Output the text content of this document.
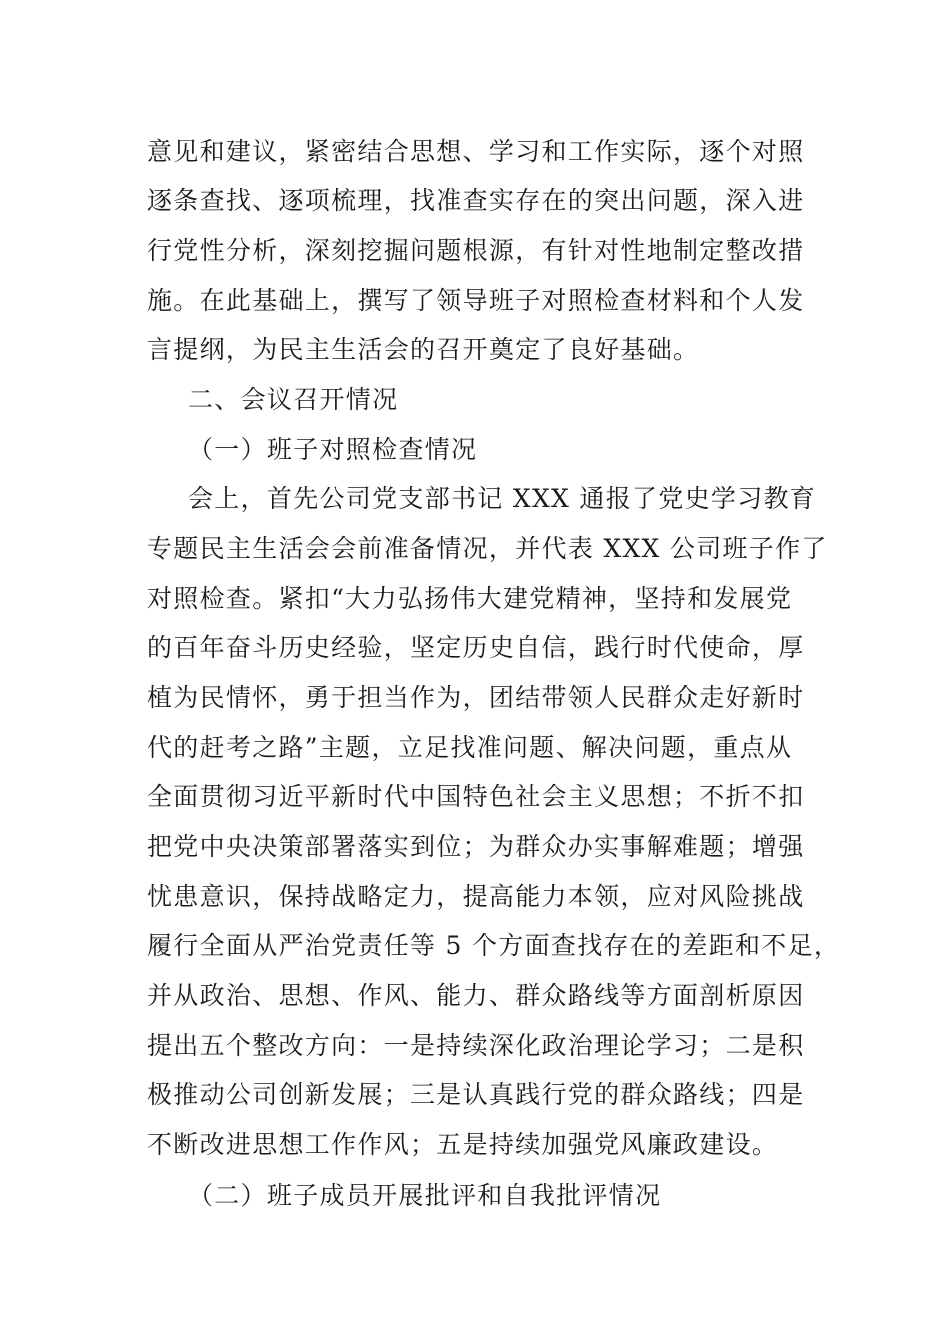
意见和建议，紧密结合思想、学习和工作实际，逐个对照
逐条查找、逐项梳理，找准查实存在的突出问题，深入进
行党性分析，深刻挖掘问题根源，有针对性地制定整改措
施。在此基础上，撰写了领导班子对照检查材料和个人发
言提纲，为民主生活会的召开奠定了良好基础。
二、会议召开情况
（一）班子对照检查情况
会上，首先公司党支部书记 XXX 通报了党史学习教育
专题民主生活会会前准备情况，并代表 XXX 公司班子作了
对照检查。紧扣“大力弘扬伟大建党精神，坚持和发展党
的百年奋斗历史经验，坚定历史自信，践行时代使命，厚
植为民情怀，勇于担当作为，团结带领人民群众走好新时
代的赶考之路”主题，立足找准问题、解决问题，重点从
全面贯彻习近平新时代中国特色社会主义思想；不折不扣
把党中央决策部署落实到位；为群众办实事解难题；增强
忧患意识，保持战略定力，提高能力本领，应对风险挑战
履行全面从严治党责任等 5 个方面查找存在的差距和不足，
并从政治、思想、作风、能力、群众路线等方面剖析原因
提出五个整改方向：一是持续深化政治理论学习；二是积
极推动公司创新发展；三是认真践行党的群众路线；四是
不断改进思想工作作风；五是持续加强党风廉政建设。
（二）班子成员开展批评和自我批评情况
